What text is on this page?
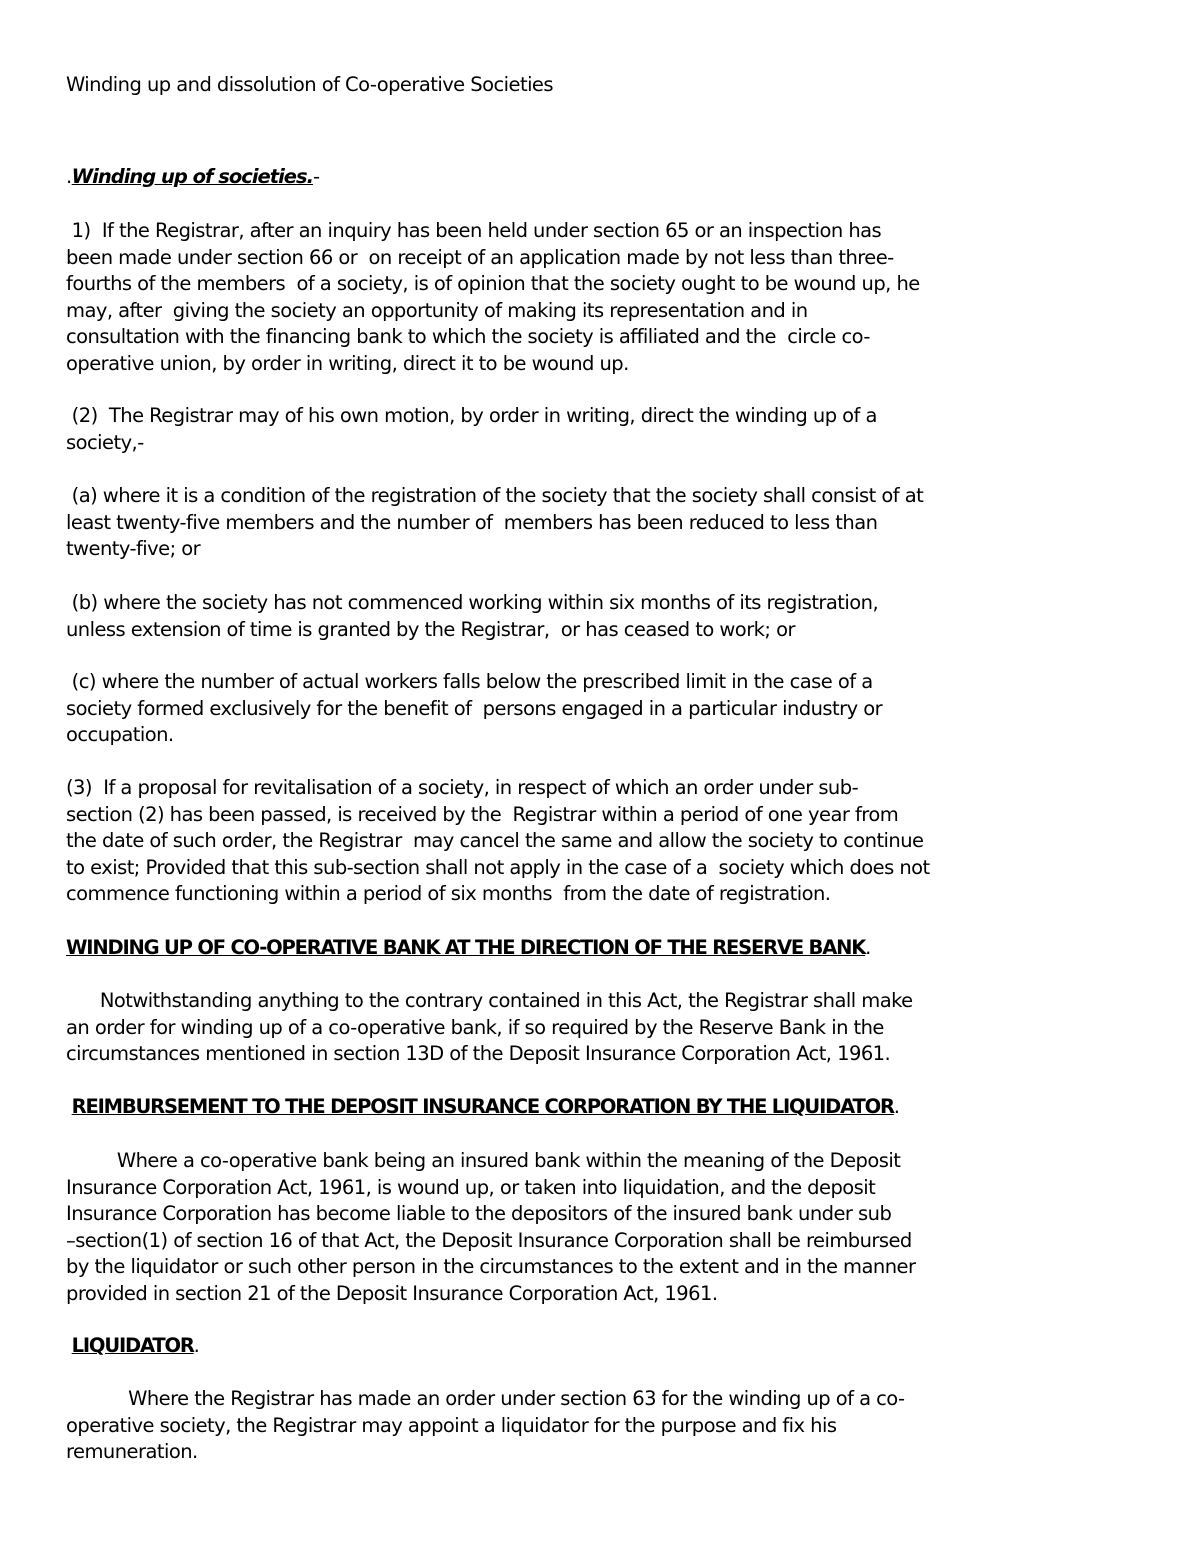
Winding up and dissolution of Co-operative Societies
.Winding up of societies.-
1)  If the Registrar, after an inquiry has been held under section 65 or an inspection has
been made under section 66 or  on receipt of an application made by not less than three-
fourths of the members  of a society, is of opinion that the society ought to be wound up, he
may, after  giving the society an opportunity of making its representation and in
consultation with the financing bank to which the society is affiliated and the  circle co-
operative union, by order in writing, direct it to be wound up.
(2)  The Registrar may of his own motion, by order in writing, direct the winding up of a
society,-
(a) where it is a condition of the registration of the society that the society shall consist of at
least twenty-five members and the number of  members has been reduced to less than
twenty-five; or
(b) where the society has not commenced working within six months of its registration,
unless extension of time is granted by the Registrar,  or has ceased to work; or
(c) where the number of actual workers falls below the prescribed limit in the case of a
society formed exclusively for the benefit of  persons engaged in a particular industry or
occupation.
(3)  If a proposal for revitalisation of a society, in respect of which an order under sub-
section (2) has been passed, is received by the  Registrar within a period of one year from
the date of such order, the Registrar  may cancel the same and allow the society to continue
to exist; Provided that this sub-section shall not apply in the case of a  society which does not
commence functioning within a period of six months  from the date of registration.
WINDING UP OF CO-OPERATIVE BANK AT THE DIRECTION OF THE RESERVE BANK.
Notwithstanding anything to the contrary contained in this Act, the Registrar shall make
an order for winding up of a co-operative bank, if so required by the Reserve Bank in the
circumstances mentioned in section 13D of the Deposit Insurance Corporation Act, 1961.
REIMBURSEMENT TO THE DEPOSIT INSURANCE CORPORATION BY THE LIQUIDATOR.
Where a co-operative bank being an insured bank within the meaning of the Deposit
Insurance Corporation Act, 1961, is wound up, or taken into liquidation, and the deposit
Insurance Corporation has become liable to the depositors of the insured bank under sub
–section(1) of section 16 of that Act, the Deposit Insurance Corporation shall be reimbursed
by the liquidator or such other person in the circumstances to the extent and in the manner
provided in section 21 of the Deposit Insurance Corporation Act, 1961.
LIQUIDATOR.
Where the Registrar has made an order under section 63 for the winding up of a co-
operative society, the Registrar may appoint a liquidator for the purpose and fix his
remuneration.
